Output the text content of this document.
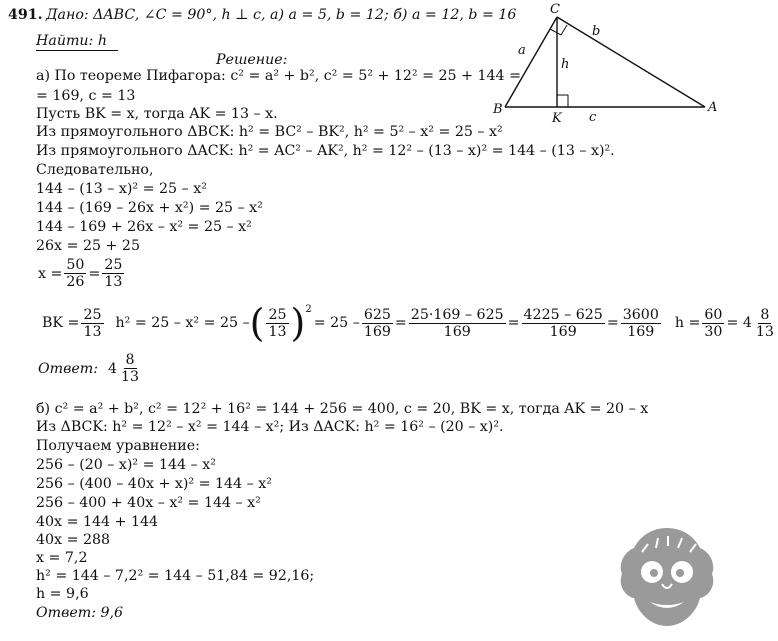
491. Дано: ΔABC, ∠C = 90°, h ⊥ c, а) a = 5, b = 12; б) a = 12, b = 16
Найти: h
Решение:
C
B	A
K
a
b
h
c
а) По теореме Пифагора: c² = a² + b², c² = 5² + 12² = 25 + 144 =
= 169, c = 13
Пусть BK = x, тогда AK = 13 – x.
Из прямоугольного ΔBCK: h² = BC² – BK², h² = 5² – x² = 25 – x²
Из прямоугольного ΔACK: h² = AC² – AK², h² = 12² – (13 – x)² = 144 – (13 – x)².
Следовательно,
144 – (13 – x)² = 25 – x²
144 – (169 – 26x + x²) = 25 – x²
144 – 169 + 26x – x² = 25 – x²
26x = 25 + 25
$x = \frac{50}{26} = \frac{25}{13}$
BK = $\frac{25}{13} h^2 = 25 - x^2 = 25$ – ( $\frac{25}{13} )^2$
= $25 - \frac{625}{169} = \frac{25\cdot 169 - 625}{169} = \frac{4225 - 625}{169} = \frac{3600}{169}$ $h = \frac{60}{30} = 4 \frac{8}{13}$
Ответ: $4 \frac{8}{13}$
б) c² = a² + b², c² = 12² + 16² = 144 + 256 = 400, c = 20, BK = x, тогда AK = 20 – x
Из ΔBCK: h² = 12² – x² = 144 – x²; Из ΔACK: h² = 16² – (20 – x)².
Получаем уравнение:
256 – (20 – x)² = 144 – x²
256 – (400 – 40x + x)² = 144 – x²
256 – 400 + 40x – x² = 144 – x²
40x = 144 + 144
40x = 288
x = 7,2
h² = 144 – 7,2² = 144 – 51,84 = 92,16;
h = 9,6
Ответ: 9,6
